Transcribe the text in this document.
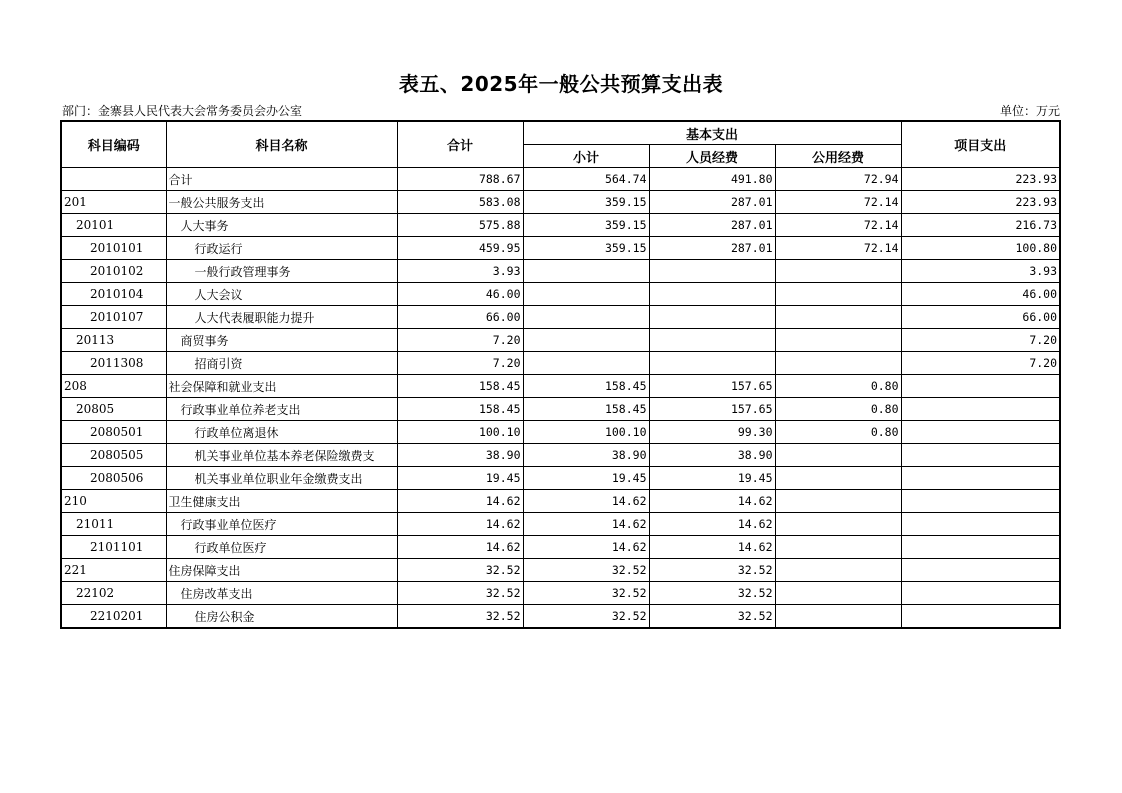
表五、2025年一般公共预算支出表
部门：金寨县人民代表大会常务委员会办公室	单位：万元
科目编码	科目名称	合计	基本支出			项目支出
			小计	人员经费	公用经费	
	合计	788.67	564.74	491.80	72.94	223.93
201	一般公共服务支出	583.08	359.15	287.01	72.14	223.93
20101	人大事务	575.88	359.15	287.01	72.14	216.73
2010101	行政运行	459.95	359.15	287.01	72.14	100.80
2010102	一般行政管理事务	3.93				3.93
2010104	人大会议	46.00				46.00
2010107	人大代表履职能力提升	66.00				66.00
20113	商贸事务	7.20				7.20
2011308	招商引资	7.20				7.20
208	社会保障和就业支出	158.45	158.45	157.65	0.80	
20805	行政事业单位养老支出	158.45	158.45	157.65	0.80	
2080501	行政单位离退休	100.10	100.10	99.30	0.80	
2080505	机关事业单位基本养老保险缴费支	38.90	38.90	38.90		
2080506	机关事业单位职业年金缴费支出	19.45	19.45	19.45		
210	卫生健康支出	14.62	14.62	14.62		
21011	行政事业单位医疗	14.62	14.62	14.62		
2101101	行政单位医疗	14.62	14.62	14.62		
221	住房保障支出	32.52	32.52	32.52		
22102	住房改革支出	32.52	32.52	32.52		
2210201	住房公积金	32.52	32.52	32.52		
